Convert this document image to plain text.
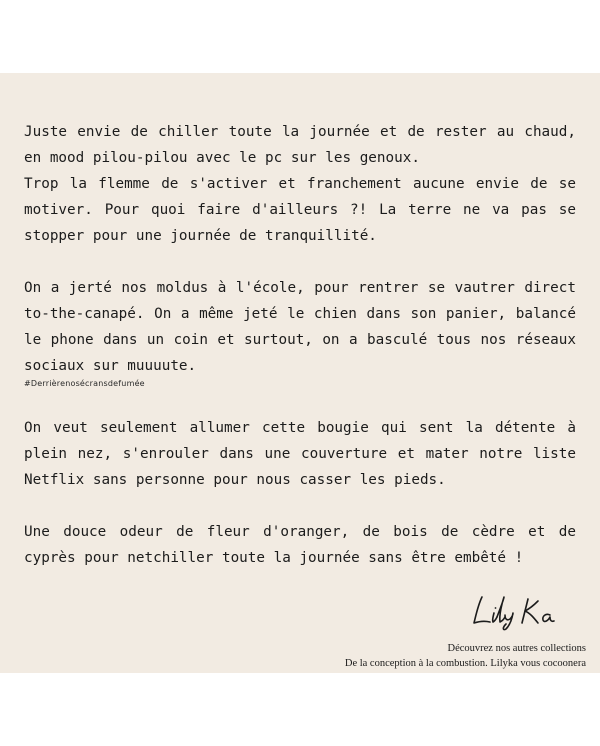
Juste envie de chiller toute la journée et de rester au chaud, en mood pilou-pilou avec le pc sur les genoux.
Trop la flemme de s'activer et franchement aucune envie de se motiver. Pour quoi faire d'ailleurs ?! La terre ne va pas se stopper pour une journée de tranquillité.

On a jerté nos moldus à l'école, pour rentrer se vautrer direct to-the-canapé. On a même jeté le chien dans son panier, balancé le phone dans un coin et surtout, on a basculé tous nos réseaux sociaux sur muuuute.

#Derrièrenosécransdefumée

On veut seulement allumer cette bougie qui sent la détente à plein nez, s'enrouler dans une couverture et mater notre liste Netflix sans personne pour nous casser les pieds.

Une douce odeur de fleur d'oranger, de bois de cèdre et de cyprès pour netchiller toute la journée sans être embêté !

Découvrez nos autres collections
De la conception à la combustion. Lilyka vous cocoonera
